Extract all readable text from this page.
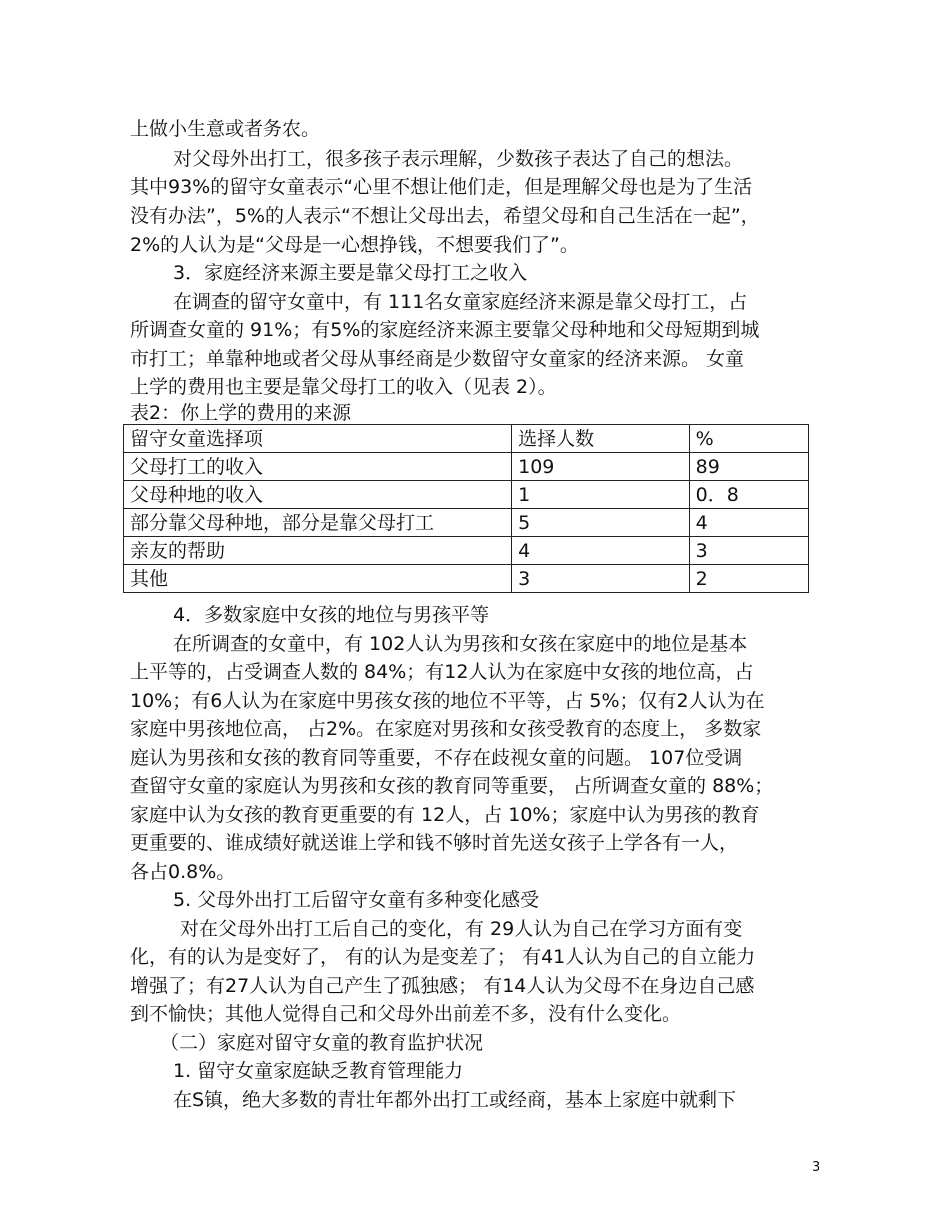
上做小生意或者务农。
对父母外出打工，很多孩子表示理解，少数孩子表达了自己的想法。
其中93%的留守女童表示“心里不想让他们走，但是理解父母也是为了生活
没有办法”，5%的人表示“不想让父母出去，希望父母和自己生活在一起”，
2%的人认为是“父母是一心想挣钱，不想要我们了”。
3．家庭经济来源主要是靠父母打工之收入
在调查的留守女童中，有 111名女童家庭经济来源是靠父母打工，占
所调查女童的 91%；有5%的家庭经济来源主要靠父母种地和父母短期到城
市打工；单靠种地或者父母从事经商是少数留守女童家的经济来源。 女童
上学的费用也主要是靠父母打工的收入（见表 2）。
表2：你上学的费用的来源
留守女童选择项	选择人数	%
父母打工的收入	109	89
父母种地的收入	1	0．8
部分靠父母种地，部分是靠父母打工	5	4
亲友的帮助	4	3
其他	3	2
4．多数家庭中女孩的地位与男孩平等
在所调查的女童中，有 102人认为男孩和女孩在家庭中的地位是基本
上平等的，占受调查人数的 84%；有12人认为在家庭中女孩的地位高，占
10%；有6人认为在家庭中男孩女孩的地位不平等，占 5%；仅有2人认为在
家庭中男孩地位高， 占2%。在家庭对男孩和女孩受教育的态度上， 多数家
庭认为男孩和女孩的教育同等重要，不存在歧视女童的问题。 107位受调
查留守女童的家庭认为男孩和女孩的教育同等重要， 占所调查女童的 88%；
家庭中认为女孩的教育更重要的有 12人，占 10%；家庭中认为男孩的教育
更重要的、谁成绩好就送谁上学和钱不够时首先送女孩子上学各有一人，
各占0.8%。
5. 父母外出打工后留守女童有多种变化感受
对在父母外出打工后自己的变化，有 29人认为自己在学习方面有变
化，有的认为是变好了， 有的认为是变差了； 有41人认为自己的自立能力
增强了；有27人认为自己产生了孤独感； 有14人认为父母不在身边自己感
到不愉快；其他人觉得自己和父母外出前差不多，没有什么变化。
（二）家庭对留守女童的教育监护状况
1. 留守女童家庭缺乏教育管理能力
在S镇，绝大多数的青壮年都外出打工或经商，基本上家庭中就剩下
3
